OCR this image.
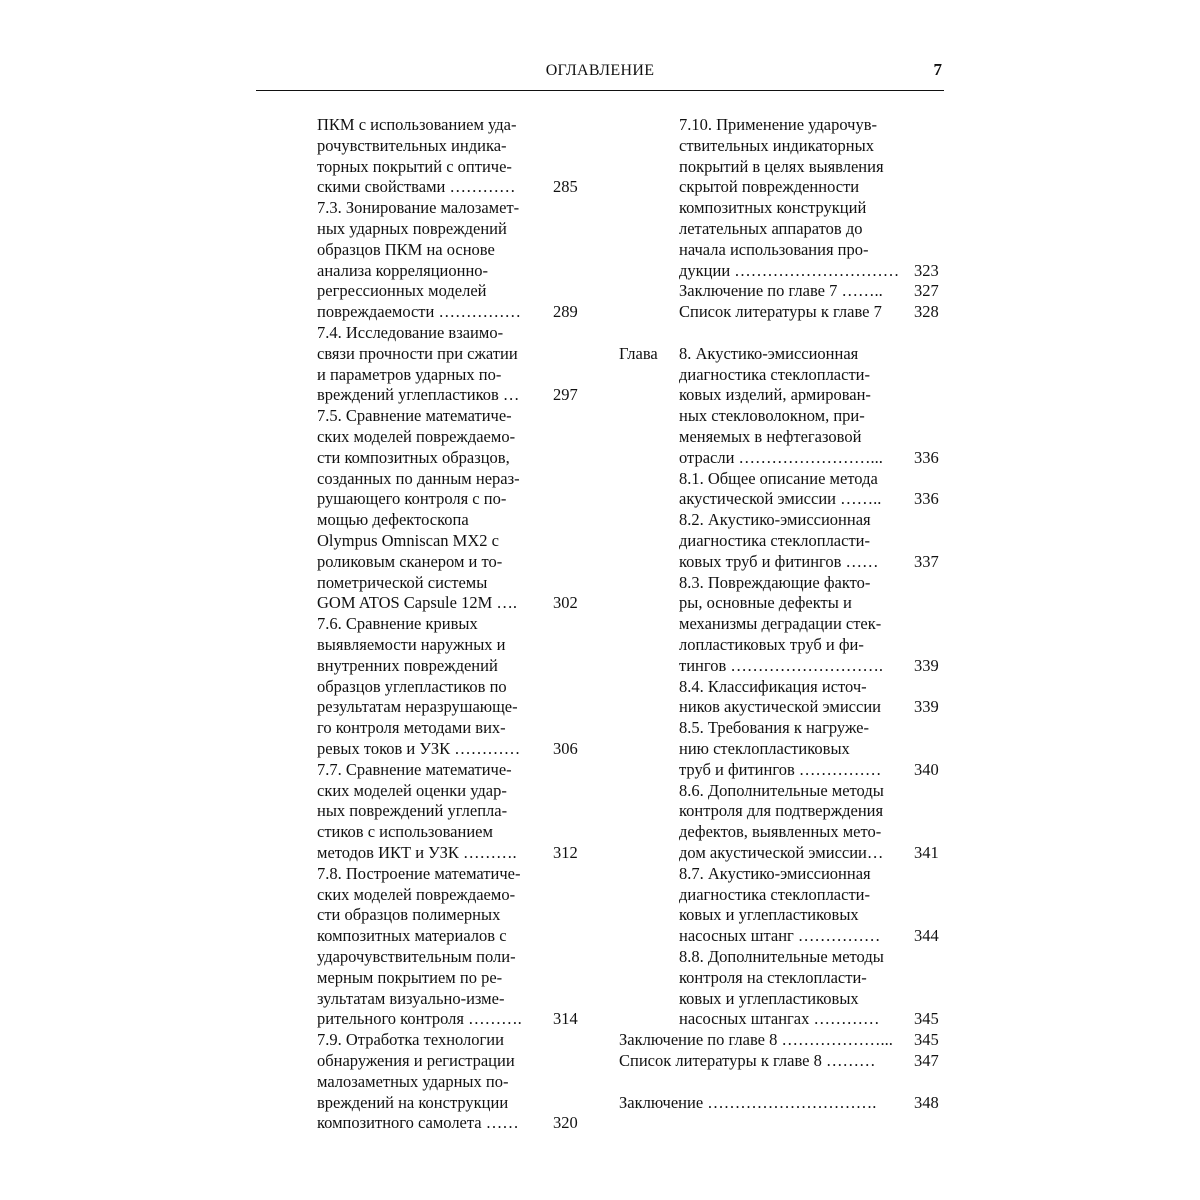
ОГЛАВЛЕНИЕ	7
ПКМ с использованием уда-
рочувствительных индика-
торных покрытий с оптиче-
скими свойствами ………… 285
7.3. Зонирование малозамет-
ных ударных повреждений
образцов ПКМ на основе
анализа корреляционно-
регрессионных моделей
повреждаемости …………… 289
7.4. Исследование взаимо-
связи прочности при сжатии
и параметров ударных по-
вреждений углепластиков … 297
7.5. Сравнение математиче-
ских моделей повреждаемо-
сти композитных образцов,
созданных по данным нераз-
рушающего контроля с по-
мощью дефектоскопа
Olympus Omniscan MX2 с
роликовым сканером и то-
пометрической системы
GOM ATOS Capsule 12M …. 302
7.6. Сравнение кривых
выявляемости наружных и
внутренних повреждений
образцов углепластиков по
результатам неразрушающе-
го контроля методами вих-
ревых токов и УЗК ………… 306
7.7. Сравнение математиче-
ских моделей оценки удар-
ных повреждений углепла-
стиков с использованием
методов ИКТ и УЗК ………. 312
7.8. Построение математиче-
ских моделей повреждаемо-
сти образцов полимерных
композитных материалов с
ударочувствительным поли-
мерным покрытием по ре-
зультатам визуально-изме-
рительного контроля ………. 314
7.9. Отработка технологии
обнаружения и регистрации
малозаметных ударных по-
вреждений на конструкции
композитного самолета …… 320
7.10. Применение ударочув-
ствительных индикаторных
покрытий в целях выявления
скрытой поврежденности
композитных конструкций
летательных аппаратов до
начала использования про-
дукции ………………………… 323
Заключение по главе 7 …….. 327
Список литературы к главе 7 328
Глава 8. Акустико-эмиссионная
диагностика стеклопласти-
ковых изделий, армирован-
ных стекловолокном, при-
меняемых в нефтегазовой
отрасли ……………………... 336
8.1. Общее описание метода
акустической эмиссии …….. 336
8.2. Акустико-эмиссионная
диагностика стеклопласти-
ковых труб и фитингов …… 337
8.3. Повреждающие факто-
ры, основные дефекты и
механизмы деградации стек-
лопластиковых труб и фи-
тингов ………………………. 339
8.4. Классификация источ-
ников акустической эмиссии 339
8.5. Требования к нагруже-
нию стеклопластиковых
труб и фитингов …………… 340
8.6. Дополнительные методы
контроля для подтверждения
дефектов, выявленных мето-
дом акустической эмиссии… 341
8.7. Акустико-эмиссионная
диагностика стеклопласти-
ковых и углепластиковых
насосных штанг …………… 344
8.8. Дополнительные методы
контроля на стеклопласти-
ковых и углепластиковых
насосных штангах ………… 345
Заключение по главе 8 ………………... 345
Список литературы к главе 8 ……… 347
Заключение …………………………. 348
